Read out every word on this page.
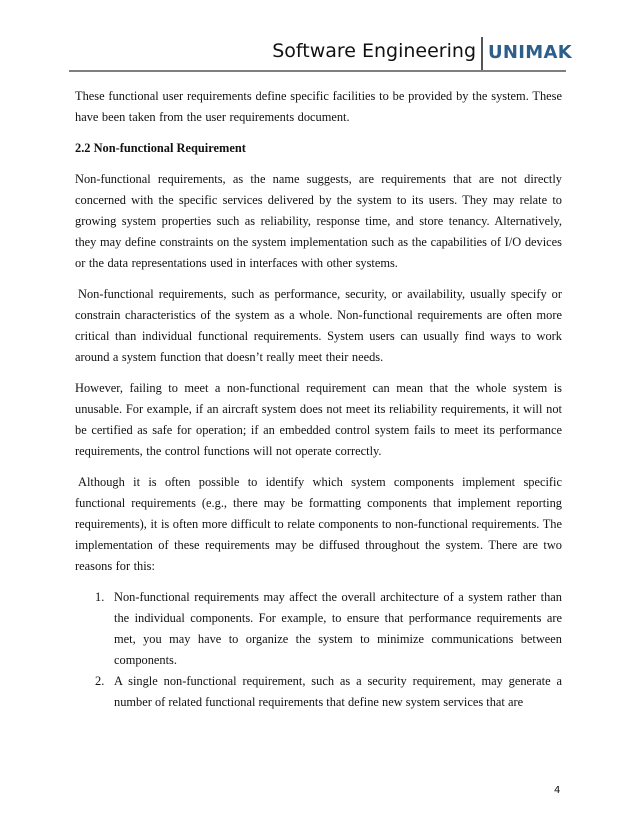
Software Engineering UNIMAK

These functional user requirements define specific facilities to be provided by the system. These have been taken from the user requirements document.

2.2 Non-functional Requirement

Non-functional requirements, as the name suggests, are requirements that are not directly concerned with the specific services delivered by the system to its users. They may relate to growing system properties such as reliability, response time, and store tenancy. Alternatively, they may define constraints on the system implementation such as the capabilities of I/O devices or the data representations used in interfaces with other systems.

Non-functional requirements, such as performance, security, or availability, usually specify or constrain characteristics of the system as a whole. Non-functional requirements are often more critical than individual functional requirements. System users can usually find ways to work around a system function that doesn’t really meet their needs.

However, failing to meet a non-functional requirement can mean that the whole system is unusable. For example, if an aircraft system does not meet its reliability requirements, it will not be certified as safe for operation; if an embedded control system fails to meet its performance requirements, the control functions will not operate correctly.

Although it is often possible to identify which system components implement specific functional requirements (e.g., there may be formatting components that implement reporting requirements), it is often more difficult to relate components to non-functional requirements. The implementation of these requirements may be diffused throughout the system. There are two reasons for this:

1. Non-functional requirements may affect the overall architecture of a system rather than the individual components. For example, to ensure that performance requirements are met, you may have to organize the system to minimize communications between components.
2. A single non-functional requirement, such as a security requirement, may generate a number of related functional requirements that define new system services that are
4
